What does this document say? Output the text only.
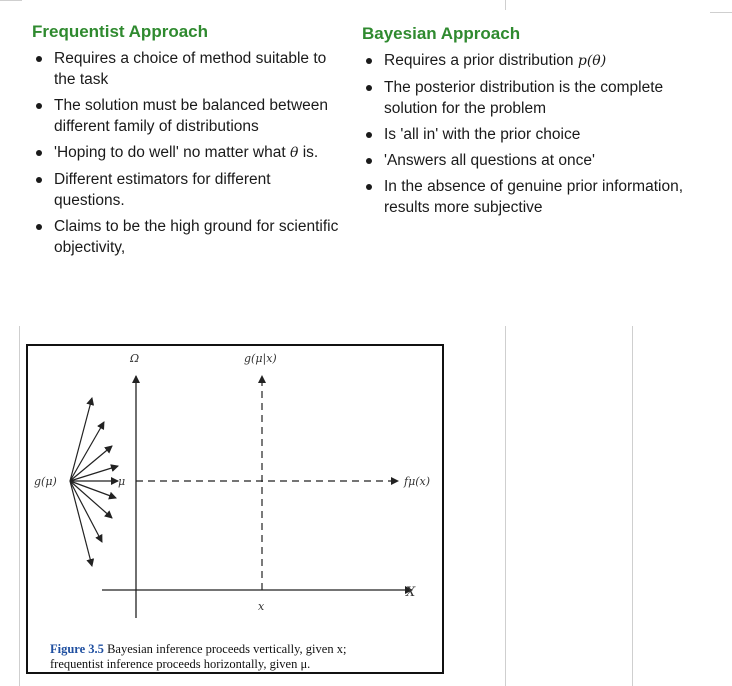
Frequentist Approach
Requires a choice of method suitable to the task
The solution must be balanced between different family of distributions
'Hoping to do well' no matter what θ is.
Different estimators for different questions.
Claims to be the high ground for scientific objectivity,
Bayesian Approach
Requires a prior distribution p(θ)
The posterior distribution is the complete solution for the problem
Is 'all in' with the prior choice
'Answers all questions at once'
In the absence of genuine prior information, results more subjective
Ω	g(μ|x)
g(μ)	μ	fμ(x)
X
x
Figure 3.5 Bayesian inference proceeds vertically, given x;
frequentist inference proceeds horizontally, given μ.
